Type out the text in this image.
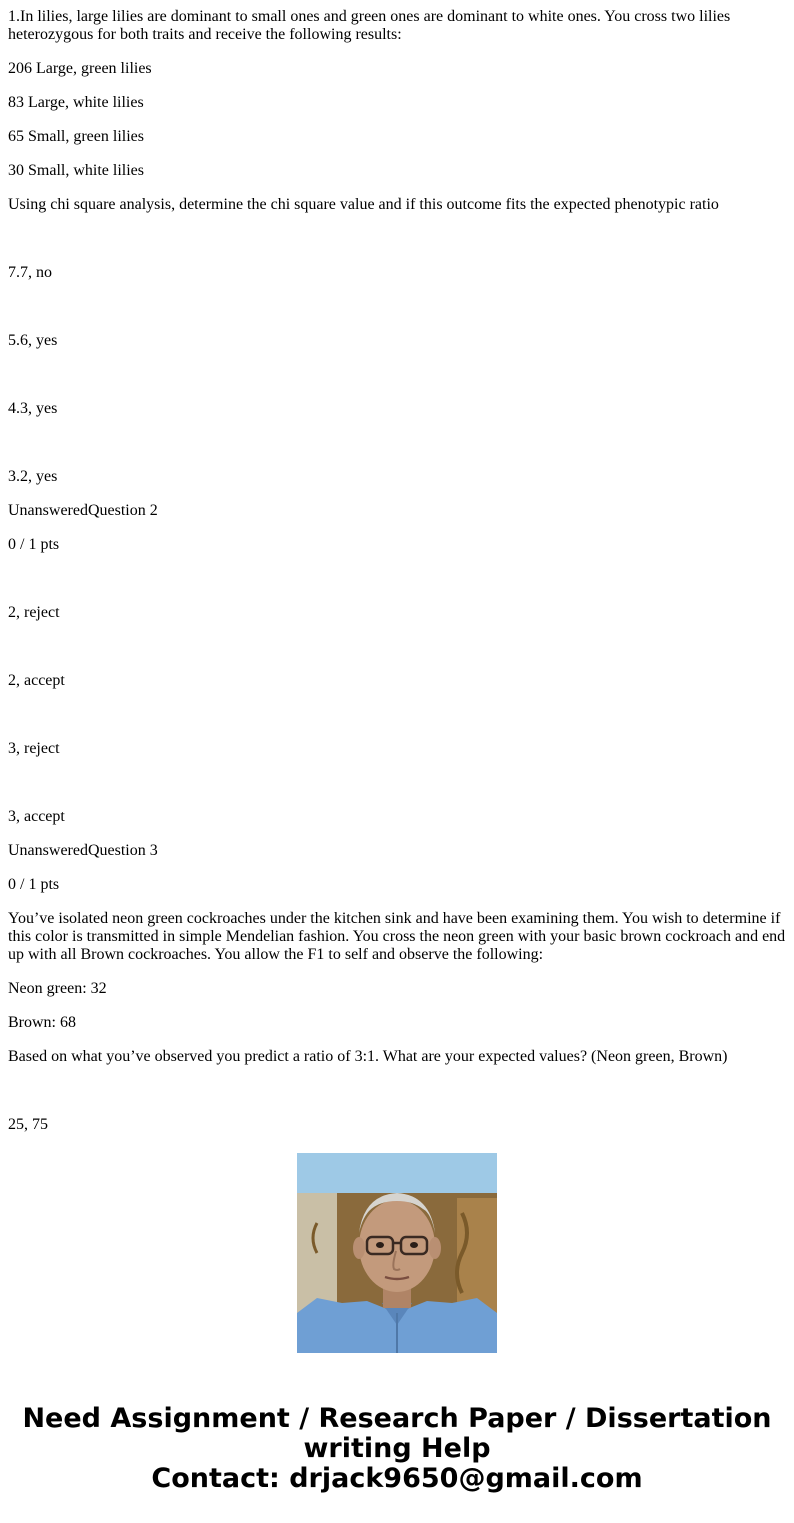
1.In lilies, large lilies are dominant to small ones and green ones are dominant to white ones. You cross two lilies heterozygous for both traits and receive the following results:

206 Large, green lilies

83 Large, white lilies

65 Small, green lilies

30 Small, white lilies

Using chi square analysis, determine the chi square value and if this outcome fits the expected phenotypic ratio

7.7, no

5.6, yes

4.3, yes

3.2, yes

UnansweredQuestion 2

0 / 1 pts

2, reject

2, accept

3, reject

3, accept

UnansweredQuestion 3

0 / 1 pts

You’ve isolated neon green cockroaches under the kitchen sink and have been examining them. You wish to determine if this color is transmitted in simple Mendelian fashion. You cross the neon green with your basic brown cockroach and end up with all Brown cockroaches. You allow the F1 to self and observe the following:

Neon green: 32

Brown: 68

Based on what you’ve observed you predict a ratio of 3:1. What are your expected values? (Neon green, Brown)

25, 75

Need Assignment / Research Paper / Dissertation
writing Help
Contact: drjack9650@gmail.com
